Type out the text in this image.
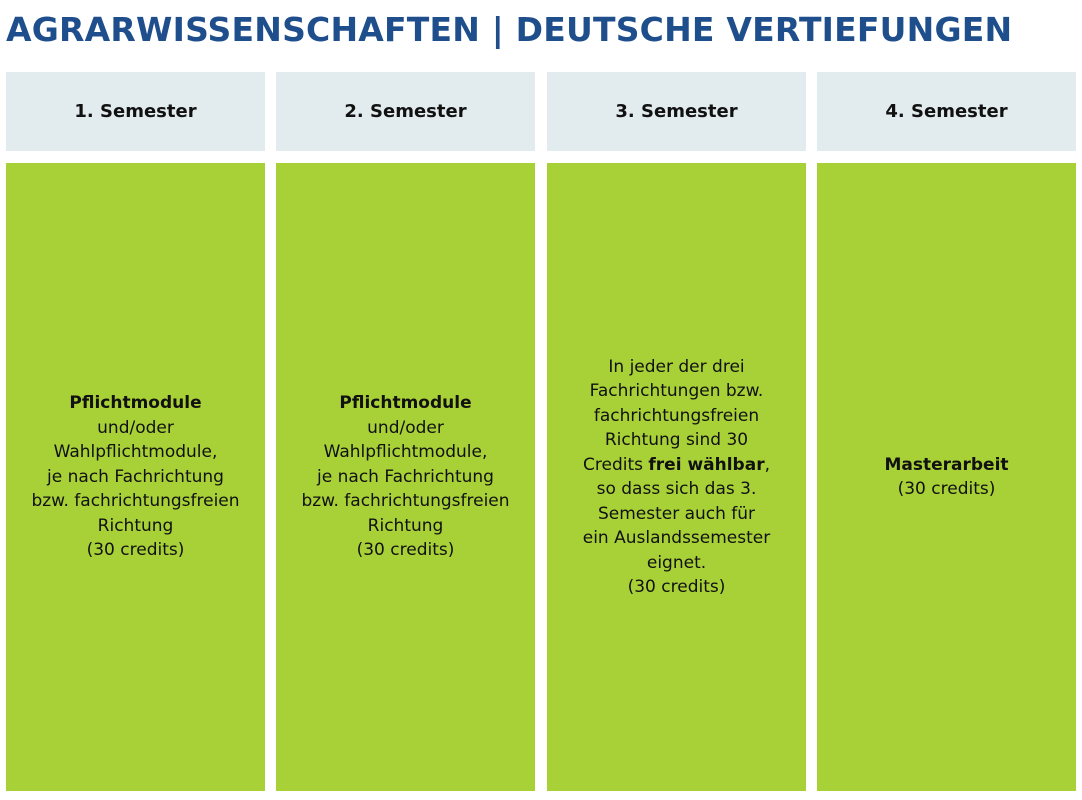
AGRARWISSENSCHAFTEN | DEUTSCHE VERTIEFUNGEN
1. Semester
Pflichtmodule
und/oder
Wahlpflichtmodule,
je nach Fachrichtung
bzw. fachrichtungsfreien
Richtung
(30 credits)
2. Semester
Pflichtmodule
und/oder
Wahlpflichtmodule,
je nach Fachrichtung
bzw. fachrichtungsfreien
Richtung
(30 credits)
3. Semester
In jeder der drei
Fachrichtungen bzw.
fachrichtungsfreien
Richtung sind 30
Credits frei wählbar,
so dass sich das 3.
Semester auch für
ein Auslandssemester
eignet.
(30 credits)
4. Semester
Masterarbeit
(30 credits)
